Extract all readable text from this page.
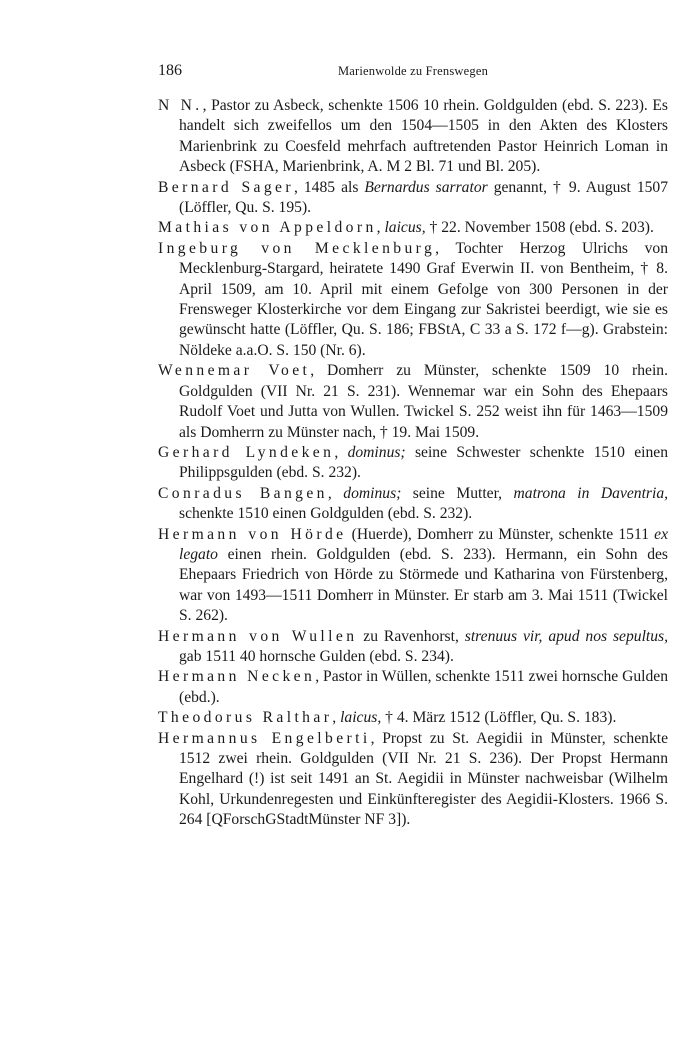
186	Marienwolde zu Frenswegen

N N., Pastor zu Asbeck, schenkte 1506 10 rhein. Goldgulden (ebd. S. 223). Es handelt sich zweifellos um den 1504—1505 in den Akten des Klosters Marienbrink zu Coesfeld mehrfach auftretenden Pastor Heinrich Loman in Asbeck (FSHA, Marienbrink, A. M 2 Bl. 71 und Bl. 205).

Bernard Sager, 1485 als Bernardus sarrator genannt, † 9. August 1507 (Löffler, Qu. S. 195).

Mathias von Appeldorn, laicus, † 22. November 1508 (ebd. S. 203).

Ingeburg von Mecklenburg, Tochter Herzog Ulrichs von Mecklenburg-Stargard, heiratete 1490 Graf Everwin II. von Bentheim, † 8. April 1509, am 10. April mit einem Gefolge von 300 Personen in der Frensweger Klosterkirche vor dem Eingang zur Sakristei beerdigt, wie sie es gewünscht hatte (Löffler, Qu. S. 186; FBStA, C 33 a S. 172 f—g). Grabstein: Nöldeke a.a.O. S. 150 (Nr. 6).

Wennemar Voet, Domherr zu Münster, schenkte 1509 10 rhein. Goldgulden (VII Nr. 21 S. 231). Wennemar war ein Sohn des Ehepaars Rudolf Voet und Jutta von Wullen. Twickel S. 252 weist ihn für 1463—1509 als Domherrn zu Münster nach, † 19. Mai 1509.

Gerhard Lyndeken, dominus; seine Schwester schenkte 1510 einen Philippsgulden (ebd. S. 232).

Conradus Bangen, dominus; seine Mutter, matrona in Daventria, schenkte 1510 einen Goldgulden (ebd. S. 232).

Hermann von Hörde (Huerde), Domherr zu Münster, schenkte 1511 ex legato einen rhein. Goldgulden (ebd. S. 233). Hermann, ein Sohn des Ehepaars Friedrich von Hörde zu Störmede und Katharina von Fürstenberg, war von 1493—1511 Domherr in Münster. Er starb am 3. Mai 1511 (Twickel S. 262).

Hermann von Wullen zu Ravenhorst, strenuus vir, apud nos sepultus, gab 1511 40 hornsche Gulden (ebd. S. 234).

Hermann Necken, Pastor in Wüllen, schenkte 1511 zwei hornsche Gulden (ebd.).

Theodorus Ralthar, laicus, † 4. März 1512 (Löffler, Qu. S. 183).

Hermannus Engelberti, Propst zu St. Aegidii in Münster, schenkte 1512 zwei rhein. Goldgulden (VII Nr. 21 S. 236). Der Propst Hermann Engelhard (!) ist seit 1491 an St. Aegidii in Münster nachweisbar (Wilhelm Kohl, Urkundenregesten und Einkünfteregister des Aegidii-Klosters. 1966 S. 264 [QForschGStadtMünster NF 3]).
